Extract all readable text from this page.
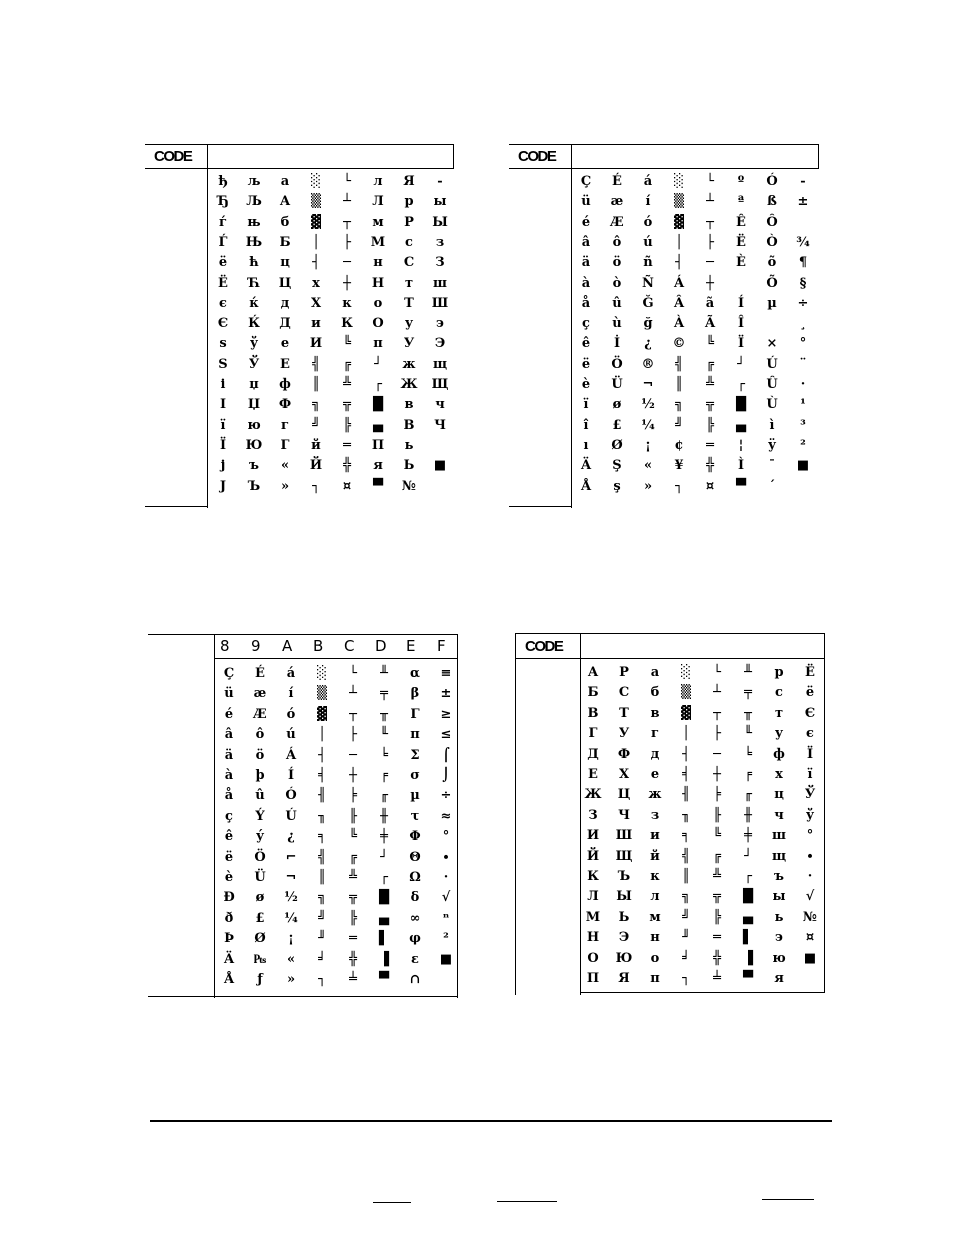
CODE
ђ
Ђ
ѓ
Ѓ
ё
Ё
є
Є
ѕ
Ѕ
і
І
ї
Ї
ј
Ј
љ
Љ
њ
Њ
ћ
Ћ
ќ
Ќ
ў
Ў
џ
Џ
ю
Ю
ъ
Ъ
а
А
б
Б
ц
Ц
д
Д
е
Е
ф
Ф
г
Г
«
»
░
▒
▓
│
┤
х
Х
и
И
╣
║
╗
╝
й
Й
┐
└
┴
┬
├
─
┼
к
К
╚
╔
╩
╦
╠
═
╬
¤
л
Л
м
М
н
Н
о
О
п
┘
┌
█
▄
П
я
▀
Я
р
Р
с
С
т
Т
у
У
ж
Ж
в
В
ь
Ь
№
-
ы
Ы
з
З
ш
Ш
э
Э
щ
Щ
ч
Ч
■
CODE
Ç
ü
é
â
ä
à
å
ç
ê
ë
è
ï
î
ı
Ä
Å
É
æ
Æ
ô
ö
ò
û
ù
İ
Ö
Ü
ø
£
Ø
Ş
ş
á
í
ó
ú
ñ
Ñ
Ğ
ğ
¿
®
¬
½
¼
¡
«
»
░
▒
▓
│
┤
Á
Â
À
©
╣
║
╗
╝
¢
¥
┐
└
┴
┬
├
─
┼
ã
Ã
╚
╔
╩
╦
╠
═
╬
¤
º
ª
Ê
Ë
È
Í
Î
Ï
┘
┌
█
▄
¦
Ì
▀
Ó
ß
Ô
Ò
õ
Õ
µ
×
Ú
Û
Ù
ì
ÿ
¯
´
-
±
¾
¶
§
÷
¸
°
¨
·
¹
³
²
■
Ç
ü
é
â
ä
à
å
ç
ê
ë
è
Ð
ð
Þ
Ä
Å
É
æ
Æ
ô
ö
þ
û
Ý
ý
Ö
Ü
ø
£
Ø
₧
ƒ
á
í
ó
ú
Á
Í
Ó
Ú
¿
⌐
¬
½
¼
¡
«
»
░
▒
▓
│
┤
╡
╢
╖
╕
╣
║
╗
╝
╜
╛
┐
└
┴
┬
├
─
┼
╞
╟
╚
╔
╩
╦
╠
═
╬
╧
╨
╤
╥
╙
╘
╒
╓
╫
╪
┘
┌
█
▄
▌
▐
▀
α
β
Γ
π
Σ
σ
µ
τ
Φ
Θ
Ω
δ
∞
φ
ε
∩
≡
±
≥
≤
⌠
⌡
÷
≈
°
∙
·
√
ⁿ
²
■
8 9 A B C D E F	CODE
А
Б
В
Г
Д
Е
Ж
З
И
Й
К
Л
М
Н
О
П
Р
С
Т
У
Ф
Х
Ц
Ч
Ш
Щ
Ъ
Ы
Ь
Э
Ю
Я
а
б
в
г
д
е
ж
з
и
й
к
л
м
н
о
п
░
▒
▓
│
┤
╡
╢
╖
╕
╣
║
╗
╝
╜
╛
┐
└
┴
┬
├
─
┼
╞
╟
╚
╔
╩
╦
╠
═
╬
╧
╨
╤
╥
╙
╘
╒
╓
╫
╪
┘
┌
█
▄
▌
▐
▀
р
с
т
у
ф
х
ц
ч
ш
щ
ъ
ы
ь
э
ю
я
Ё
ё
Є
є
Ї
ї
Ў
ў
°
∙
·
√
№
¤
■
